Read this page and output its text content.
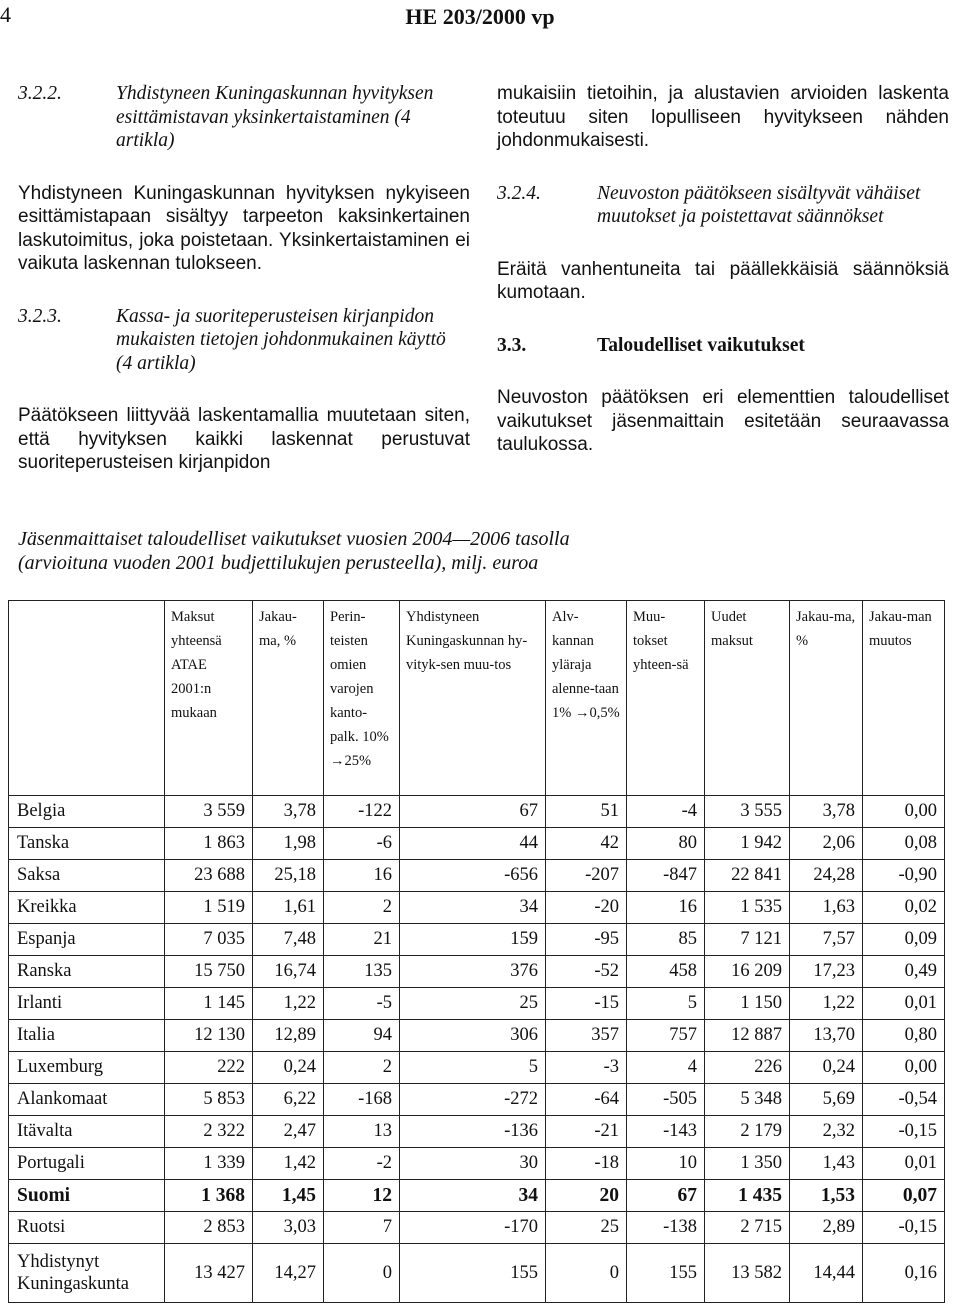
4	HE 203/2000 vp
3.2.2.	Yhdistyneen Kuningaskunnan hyvityksen esittämistavan yksinkertaistaminen (4 artikla)
Yhdistyneen Kuningaskunnan hyvityksen nykyiseen esittämistapaan sisältyy tarpeeton kaksinkertainen laskutoimitus, joka poistetaan. Yksinkertaistaminen ei vaikuta laskennan tulokseen.
3.2.3.	Kassa- ja suoriteperusteisen kirjanpidon mukaisten tietojen johdonmukainen käyttö (4 artikla)
Päätökseen liittyvää laskentamallia muutetaan siten, että hyvityksen kaikki laskennat perustuvat suoriteperusteisen kirjanpidon
mukaisiin tietoihin, ja alustavien arvioiden laskenta toteutuu siten lopulliseen hyvitykseen nähden johdonmukaisesti.
3.2.4.	Neuvoston päätökseen sisältyvät vähäiset muutokset ja poistettavat säännökset
Eräitä vanhentuneita tai päällekkäisiä säännöksiä kumotaan.
3.3.	Taloudelliset vaikutukset
Neuvoston päätöksen eri elementtien taloudelliset vaikutukset jäsenmaittain esitetään seuraavassa taulukossa.
Jäsenmaittaiset taloudelliset vaikutukset vuosien 2004—2006 tasolla
(arvioituna vuoden 2001 budjettilukujen perusteella), milj. euroa
	Maksut yhteensä ATAE 2001:n mukaan	Jakau-ma, %	Perin-teisten omien varojen kanto-palk. 10% →25%	Yhdistyneen Kuningaskunnan hy-vityk-sen muu-tos	Alv-kannan yläraja alenne-taan 1% →0,5%	Muu-tokset yhteen-sä	Uudet maksut	Jakau-ma, %	Jakau-man muutos
Belgia	3 559	3,78	-122	67	51	-4	3 555	3,78	0,00
Tanska	1 863	1,98	-6	44	42	80	1 942	2,06	0,08
Saksa	23 688	25,18	16	-656	-207	-847	22 841	24,28	-0,90
Kreikka	1 519	1,61	2	34	-20	16	1 535	1,63	0,02
Espanja	7 035	7,48	21	159	-95	85	7 121	7,57	0,09
Ranska	15 750	16,74	135	376	-52	458	16 209	17,23	0,49
Irlanti	1 145	1,22	-5	25	-15	5	1 150	1,22	0,01
Italia	12 130	12,89	94	306	357	757	12 887	13,70	0,80
Luxemburg	222	0,24	2	5	-3	4	226	0,24	0,00
Alankomaat	5 853	6,22	-168	-272	-64	-505	5 348	5,69	-0,54
Itävalta	2 322	2,47	13	-136	-21	-143	2 179	2,32	-0,15
Portugali	1 339	1,42	-2	30	-18	10	1 350	1,43	0,01
Suomi	1 368	1,45	12	34	20	67	1 435	1,53	0,07
Ruotsi	2 853	3,03	7	-170	25	-138	2 715	2,89	-0,15
Yhdistynyt Kuningaskunta	13 427	14,27	0	155	0	155	13 582	14,44	0,16
